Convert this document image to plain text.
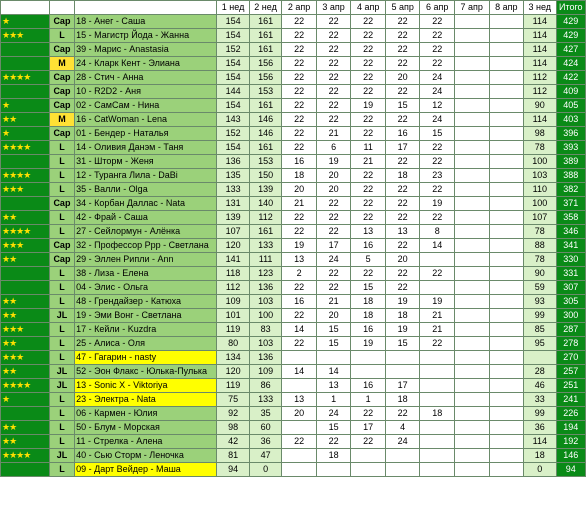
			1 нед	2 нед	2 апр	3 апр	4 апр	5 апр	6 апр	7 апр	8 апр	3 нед	Итого
★	Cap	18 - Анег - Саша	154	161	22	22	22	22	22			114	429
★★★	L	15 - Магистр Йода - Жанна	154	161	22	22	22	22	22			114	429
	Cap	39 - Марис - Anastasia	152	161	22	22	22	22	22			114	427
	M	24 - Кларк Кент - Элиана	154	156	22	22	22	22	22			114	424
★★★★	Cap	28 - Стич - Анна	154	156	22	22	22	20	24			112	422
	Cap	10 - R2D2 - Аня	144	153	22	22	22	22	24			112	409
★	Cap	02 - СамСам - Нина	154	161	22	22	19	15	12			90	405
★★	M	16 - CatWoman - Lena	143	146	22	22	22	22	24			114	403
★	Cap	01 - Бендер - Наталья	152	146	22	21	22	16	15			98	396
★★★★	L	14 - Оливия Данэм - Таня	154	161	22	6	11	17	22			78	393
	L	31 - Шторм - Женя	136	153	16	19	21	22	22			100	389
★★★★	L	12 - Туранга Лила - DaBi	135	150	18	20	22	18	23			103	388
★★★	L	35 - Валли - Olga	133	139	20	20	22	22	22			110	382
	Cap	34 - Корбан Даллас - Nata	131	140	21	22	22	22	19			100	371
★★	L	42 - Фрай - Саша	139	112	22	22	22	22	22			107	358
★★★★	L	27 - Сейлормун - Алёнка	107	161	22	22	13	13	8			78	346
★★★	Cap	32 - Профессор Ppp - Светлана	120	133	19	17	16	22	14			88	341
★★	Cap	29 - Эллен Рипли - Ann	141	111	13	24	5	20				78	330
	L	38 - Лиза - Елена	118	123	2	22	22	22	22			90	331
	L	04 - Элис - Ольга	112	136	22	22	15	22				59	307
★★	L	48 - Грендайзер - Катюха	109	103	16	21	18	19	19			93	305
★★	JL	19 - Эми Вонг - Светлана	101	100	22	20	18	18	21			99	300
★★★	L	17 - Кейли - Kuzdra	119	83	14	15	16	19	21			85	287
★★	L	25 - Алиса - Оля	80	103	22	15	19	15	22			95	278
★★★	L	47 - Гагарин - nasty	134	136									270
★★	JL	52 - Эон Флакс - Юлька-Пулька	120	109	14	14						28	257
★★★★	JL	13 - Sonic X - Viktoriya	119	86		13	16	17				46	251
★	L	23 - Электра - Nata	75	133	13	1	1	18				33	241
	L	06 - Кармен - Юлия	92	35	20	24	22	22	18			99	226
★★	L	50 - Блум - Морская	98	60		15	17	4				36	194
★★	L	11 - Стрелка - Алена	42	36	22	22	22	24				114	192
★★★★	JL	40 - Сью Сторм - Леночка	81	47		18						18	146
	L	09 - Дарт Вейдер - Маша	94	0								0	94
